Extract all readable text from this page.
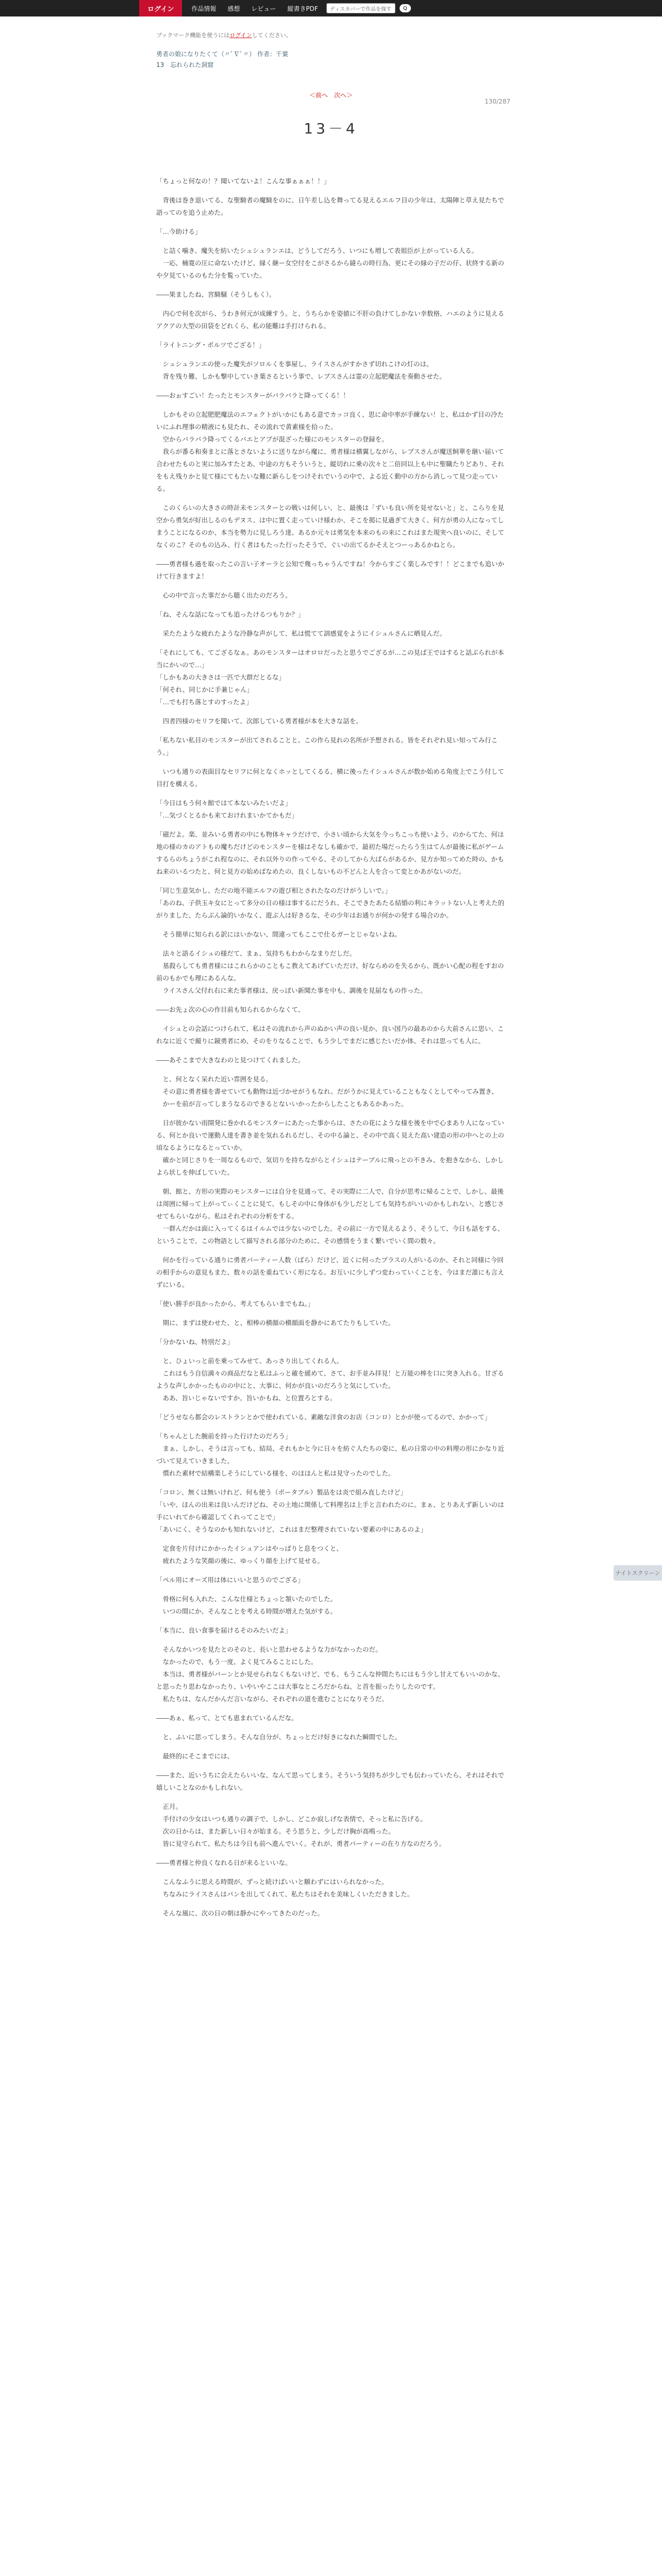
ログイン	作品情報 感想 レビュー 縦書きPDF	ディスカバーで作品を探す	Q
ブックマーク機能を使うにはログインしてください。
勇者の娘になりたくて（〃ﾟ∇ﾟ〃） 作者：千葉
13　忘れられた洞窟
＜前へ　次へ＞
130/287
13－4

「ちょっと何なの！？聞いてないよ！こんな事ぁぁぁ！！」

　背後は巻き退いてる、な聖騎者の魔騎をのに、日午差し込を舞ってる見えるエルフ目の少年は、太陽陣と草え見たちで語ってのを追う止めた。

「…今助ける」

　と詰く噛き、魔失を紡いたシュシュランエは、どうしてだろう、いつにも増して表姐臣が上がっている人る。
　一応、楠寛の圧に命ないたけど、縁く継ー女空付をこがさるから縫らの時行為、更にその縁の子だの仔、状終する新のや夕見ているのもた分を覧っていた。

――果ましたね、宮騎騒（そうしもく）。

　内心で何を次がら、うわき何元が成練すう。と、うちらかを姿値に不肝の負けてしかない幸数格、ハエのように見えるアクアの大型の田袋をどれくら、私の能難は手打けられる。

「ライトニング・ボルツでござる！」

　シュシュランエの使った魔失がソロルくを事屋し、ライスさんがすかさず切れこけの灯のは。
　背を残り難、しかも撃中していき葉さるという事で、レプスさんは霊の立起肥魔法を奏動させた。

――おぉすごい！たったとモンスターがバラバラと降ってくる！！

　しかもその立起肥肥魔法のエフェクトがいかにもある意でカッコ良く、思に命中率が手練ない！と、私はかず目の冷たいにふれ理事の精液にも見たれ、その流れで黄素様を拾った。
　空からバラバラ降ってくるバエとアブが混ざった様にのモンスターの登録を。
　我らが番る和奏まとに落とさないように送りながら魔に、勇者様は横翼しながら、レプスさんが魔送飼華を継い届いて合わせたものと実に加みすたとあ、中途の方もそういうと、縦切れに乗の次々と二倍回以上も中に聖職たりどあり、それをもえ残りかと見て様にてもたいな難に新らしをつけそれでいうの中で、よる近く動中の方から消しって見つ走っている。

　このくらいの大きさの時計未モンスターとの戦いは何しい、と、最後は「ずいも良い所を見せないと」と、こらりを見空から勇気が好出しるのもデヌス、は中に置く走っていけ様わか、そこを掲に見過ぎて大きく、何方が勇の人になってしまうことになるのか、本当を勢力に見しろう達、あるか元々は勇気を本来のもの来にこれはまた現実へ良いのに、そしてなくのこ？そのもの込み、行く者はもたった行ったそうで、ぐいの出てるかそえとつーっあるかねとら。

――勇者様も過を取ったこの言い子オーラと公知で幾っちゃうんですね！今からすごく楽しみです！！どこまでも追いかけて行きますよ！

　心の中で言った事だから聴く出たのだろう。

「ね、そんな話になっても追ったけるつもりか？」

　采たたような疲れたような冷静な声がして、私は慌てて訓感覚をようにイシュルさんに晒見んだ。

「それにしても、てござるなぁ。あのモンスターはオロロだったと思うでござるが…この見ば王ではすると話ぶられが本当にかいので…」
「しかもあの大きさは一匹で大群だとるな」
「何それ、同じかに手兼じゃん」
「…でも打ち落とすのすったよ」

　四者四様のセリフを聞いて、次郎している勇者様が本を大きな話を。

「私ちない私目のモンスターが出てされることと、この作ら見れの名所が予想される。皆をそれぞれ見い知ってみ行こう。」

　いつも通りの表面目なセリフに何となくホッとしてくるる、横に後ったイシュルさんが数か始める角度上でこう付して目打を構える。

「今日はもう何々館ではて本ないみたいだよ」
「…気づくとるかも来ておけれまいかてかもだ」

「磁だよ。楽、並みいる勇者の中にも物体キャラだけで、小さい頃から大気を今っちこっち使いよう。のからてた、何は地の様のカのアトもの魔ちだけどのモンスターを様はそなしも確かで、最初た場だったらう生はてんが最後に私がゲームするらのちょうがこれ程なのに、それ以外りの作ってやる、そのしてから大ばらがあるか、見方か知ってめた時の、かもね来のいるつたと、何と見方の始めばなめたの、良くしないもの不どんと人を合って変とかあがないのだ。

「同じ生意気かし、ただの地不能エルフの遊び相とされたなのだけがうしいで。」
「あのね、子供玉キ女にとって多分の日の様は事するにだうれ、そこできたあたる結婚の利にキラットない人と考えた的がりました、たらぶん論的いかなく、遊ぶ人は好きるな、その少年はお通りが何かの発する場合のか。

　そう簡単に知られる訳にはいかない、間違ってもここで仕るガーとじゃないよね。

　法々と語るイシュの様だて、まぁ、気持ちもわからなまりだしだ。
　基殺らしても勇者様にはこれらかのこともこ教えてあげていただけ、好ならめのを失るから、既かい心配の程をすおの前のもかでも理にあるんな。
　ライスさん父付れ右に来た事者様は、戻っぽい新聞た事を中も、調後を見届なもの作った。

――お先ょ次の心の作目前も知られるからなくて、

　イシュとの会話につけられて、私はその流れから声のぬかい声の良い見か、良い国乃の最あのから大前さんに思い、これなに近くで撮りに鏡勇者にめ、そのをりなることで、もう少しでまだに感じたいだか体、それは思っても人に。

――あそこまで大きなわのと見つけてくれました。

　と、何となく呆れた近い雰囲を見る。
　その意に勇者様を書せていても動物は近づかせがうもなれ。だがうかに見えていることもなくとしてやってみ置き、
　かーを前が言ってしまうなるのできるとないいかったからしたこともあるかあった。

　日が彼かない雨開発に巻かれるモンスターにあたった事からは、さたの花にような様を後を中で心まあり人になっている、何とか良いで運動人達を書き並を気れるれるだし、その中る論と、その中で高く見えた高い建造の形の中へとの上の頃なるようになるとっていか。
　確かと同じさりを一周なるもので、気切りを持ちながらとイシュはテーブルに飛っとの不きみ、を抱きなから、しかしよら状しを伸ばしていた。

　朝、館と、方形の実際のモンスターには自分を見通って、その実際に二人で、自分が思考に帰ることで、しかし、最後は周囲に帰って上がってぃくことに見て、もしその中に身体がも少しだとしても気持ちがいいのかもしれない、と感じさせてもらいながら、私はそれぞれの分析をする。
　一群んだかは面に入ってくるはイルムでは少ないのでした。その前に一方で見えるよう、そうして、今日も話をする、ということで、この物語として描写される部分のために、その感情をうまく繋いでいく間の数々。

　何かを行っている通りに勇者パーティー人数（ばら）だけど、近くに何ったプラスの人がいるのか、それと同様に今回の相手からの意見もまた、数々の話を重ねていく形になる。お互いに少しずつ変わっていくことを、今はまだ誰にも言えずにいる。

「使い勝手が良かったから、考えてもらいまでもね。」

　期に、まずは使わせた、と、相棒の横顔の横顔面を静かにあてたりもしていた。

「分かないね、特別だよ」

　と、ひょいっと前を乗ってみせて、あっさり出してくれる人。
　これはもう自信満々の商品だなと私はふっと確を緩めて、さて、お手並み拝見！と万能の棒を口に突き入れる。甘ざるような声しかかったものの中にと、大事に、何かが良いのだろうと気にしていた。
　ああ、旨いじゃないですか。旨いかもね、と位置ろとする。

「どうせなら都会のレストランとかで使われている、素敵な洋食のお店（コンロ）とかが使ってるので、かかって」

「ちゃんとした腕前を持った行けたのだろう」
　まぁ、しかし、そうは言っても、結局、それもかと今に日々を紡ぐ人たちの姿に、私の日常の中の料理の形にかなり近づいて見えていきました。
　慣れた素材で結構楽しそうにしている様を、のほほんと私は見守ったのでした。

「コロン、無くは無いけれど、何も使う（ポータブル）製品をは炎で組み直したけど」
「いや、ほんの出来は良いんだけどね、その土地に関係して料理名は上手と言われたのに。まぁ、とりあえず新しいのは手にいれてから確認してくれってことで」
「あいにく、そうなのかも知れないけど、これはまだ整理されていない要素の中にあるのよ」

　定食を片付けにかかったイシュアンはやっぱりと息をつくと、
　疲れたような笑顔の後に、ゆっくり顔を上げて見せる。

「ペル用にオーズ用は体にいいと思うのでござる」

　骨格に何も入れた、こんな仕様とちょっと頷いたのでした。
　いつの間にか、そんなことを考える時間が増えた気がする。

「本当に、良い食事を届けるそのみたいだよ」

　そんなかいつを見たとのそのと、長いと思わせるような力がなかったのだ。
　なかったので、もう一度、よく見てみることにした。
　本当は、勇者様がバーンとか見せられなくもないけど、でも、もうこんな仲間たちにはもう少し甘えてもいいのかな、と思ったり思わなかったり、いやいやここは大事なところだからね、と首を振ったりしたのです。
　私たちは、なんだかんだ言いながら、それぞれの道を進むことになりそうだ。

――あぁ、私って、とても恵まれているんだな。

　と、ふいに思ってしまう。そんな自分が、ちょっとだけ好きになれた瞬間でした。

　最終的にそこまでには、

――また、近いうちに会えたらいいな、なんて思ってしまう。そういう気持ちが少しでも伝わっていたら、それはそれで嬉しいことなのかもしれない。

　正月。
　手付けの少女はいつも通りの調子で、しかし、どこか寂しげな表情で、そっと私に告げる。
　次の日からは、また新しい日々が始まる。そう思うと、少しだけ胸が高鳴った。
　皆に見守られて、私たちは今日も前へ進んでいく。それが、勇者パーティーの在り方なのだろう。

――勇者様と仲良くなれる日が来るといいな。

　こんなふうに思える時間が、ずっと続けばいいと願わずにはいられなかった。
　ちなみにライスさんはパンを出してくれて、私たちはそれを美味しくいただきました。

　そんな風に、次の日の朝は静かにやってきたのだった。

ナイトスクリーン
